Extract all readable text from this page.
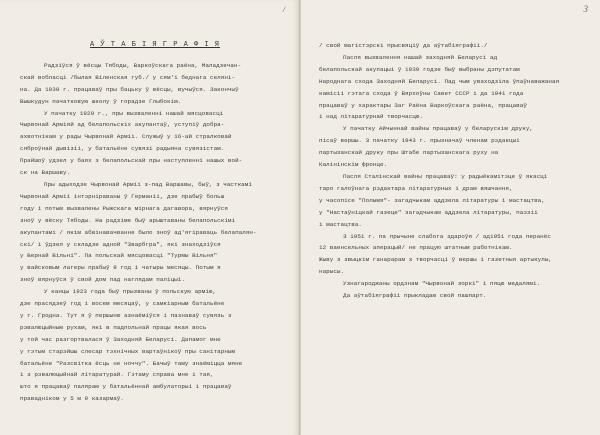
/
А Ў Т А Б І Я Г Р А Ф І Я

Радзіўся ў вёсцы Тябоды, Варкоўскага раёна, Маладзечан-

скай вобласці /былая Віленская губ./ у сям'і беднага селяні-

на. Да 1930 г. працаваў пры бацьку ў вёсцы, вучыўся. Закончыў

Вышкудун пачатковую школу ў горадзе Глыбокім.

У пачатку 1920 г., пры вызваленні нашай мясцовасці

Чырвонай Арміяй ад белапольскіх акупантаў, уступіў добра-

ахвотнікам у рады Чырвонай Арміі. Служыў у 16-ай стралковай

сяброўнай дывізіі, у батальёне сувязі радыяна сувязістам.

Прайшоў удзел у баях з белапольскай пры наступленні нашых вой-

ск на Варшаву.

Пры адыходзе Чырвонай Арміі з-пад Варшавы, быў, з часткамі

Чырвонай Арміі інтэрніраваны ў Германіі, дзе прабыў больш

году і потым вызвалены Рыжскага мірнага дагавора, вярнуўся

зноў у вёску Тябоды. На радзіме быў арыштаваны белапольскімі

акупантамі / якім абвінавачванне было зноў ад'ягіраваць белапалян-

скі/ і ўдзел у складзе адной "Зварбгра", які знаходзіўся

у Вернай Вільні". Па польскай мясцовасці "Турмы Вільня"

у вайсковым лагеры прабыў 8 год і чатыры месяцы. Потым я

зноў вярнуўся ў свой дом пад наглядам паліцыі.

У канцы 1923 года быў прызваны ў польскую армію,

дзе прасядзеў год і восем месяцаў, у самкіарным батальёне

у г. Гродна. Тут я ў першыню азнаёміўся і пазнаваў сувязь з

рэвалюцыйным рухам, які в падпольнай працы якая вось

у той час разгортвалася ў Заходняй Беларусі. Дапамог мне

у гэтым старэйшы слесар тэхнічных вартаўнікоў пры санітарным

батальёне "Разсвітка ёсць не ноччу". Бачыў таму знаёміцца мяне

і з рэвалюцыйнай літаратурай. Гэтаму справа мне і тая,

што я працаваў палярам у батальённай амбулаторыі і працаваў

правадніком у 5 м 9 казармаў.

3

/ свой магістэрскі прысвяціў да аўтабіяграфіі./

Пасля вызвалення нашай заходняй Беларусі ад

белапольскай акупацыі ў 1939 годзе быў выбраны дэпутатам

Народнага схода Заходняй Беларусі. Пад чым уваходзіла ўпаўнаважаная

камісіі гэтага схода ў Вярхоўны Савет СССР і да 1941 года

працаваў у характары Заг Раёна Варкоўскага раёна, працаваў

і над літаратурнай творчасцю.

У пачатку Айчыннай вайны працаваў у беларускім друку,

пісаў вершы. З пачатку 1943 г. прызначаў членам рэдакцыі

партызанскай друку пры Штабе партызанскага руху на

Калінінскім фронце.

Пасля Сталінскай вайны працаваў: у радыёкамітэце ў якасці

таро галоўнага рэдактара літаратурных і драм вяшчання,

у часопісе "Полымя"- загадчыкам аддзела літаратуры і мастацтва,

у "Настаўніцкай газеце" загадчыкам аддзела літаратуры, паэзіі

і мастацтва.

З 1951 г. па прычыне слабога здароўя / ад1951 года перанёс

12 ваенсельных аперацый/ не працую штатным работнікам.

Жыву з звыцкім ганарарам з творчасці ў вершы і газетныя артыкулы,

нарысы.

Узнагароджаны ордэнам "Чырвонай зоркі" і пяцю медалямі.

Да аўтабіяграфіі прыкладаю свой пашпарт.
